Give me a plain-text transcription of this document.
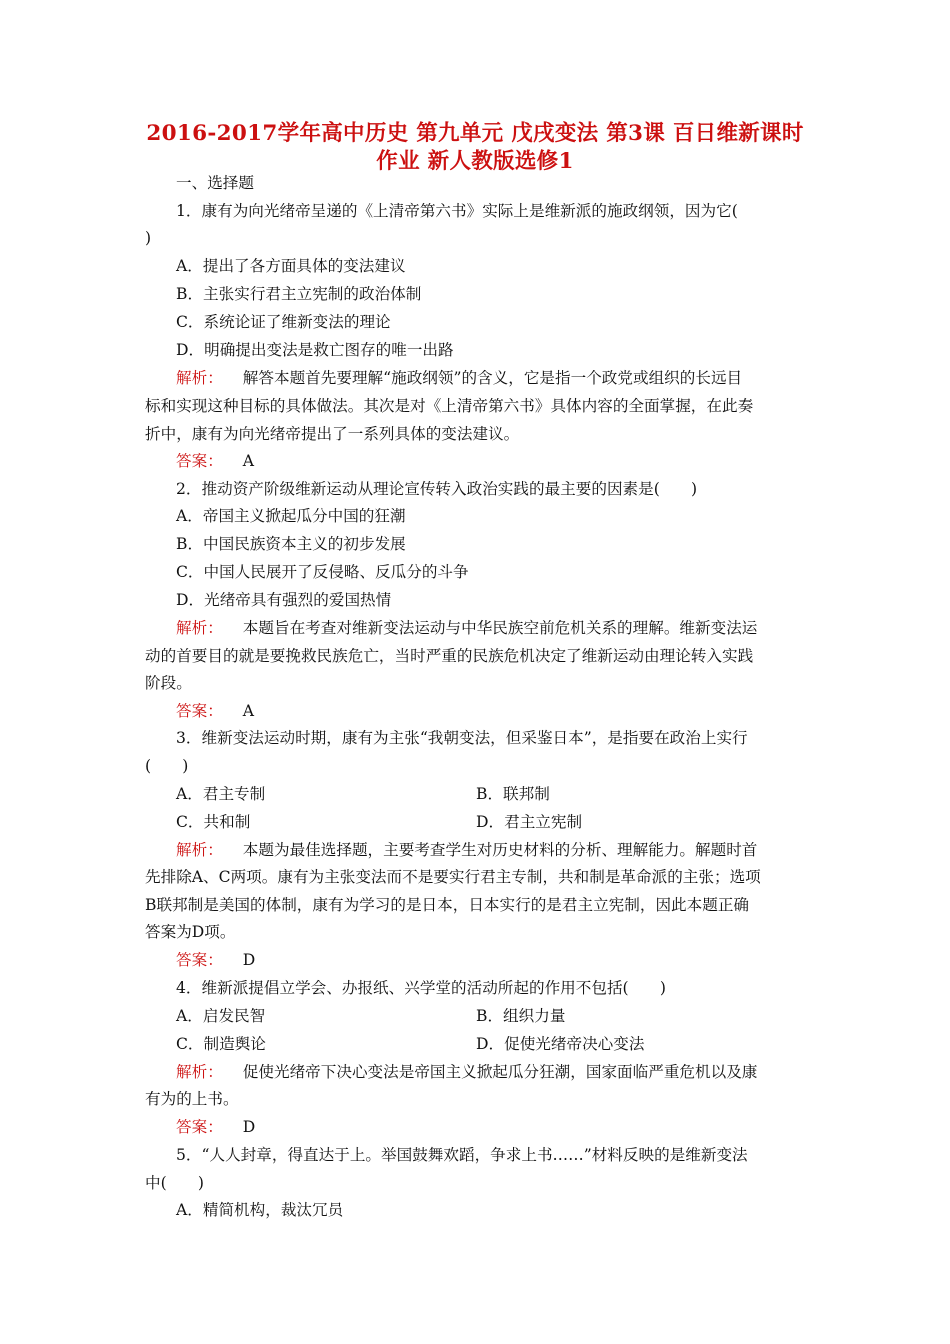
2016-2017学年高中历史 第九单元 戊戌变法 第3课 百日维新课时
作业 新人教版选修1
一、选择题
1．康有为向光绪帝呈递的《上清帝第六书》实际上是维新派的施政纲领，因为它(
)
A．提出了各方面具体的变法建议
B．主张实行君主立宪制的政治体制
C．系统论证了维新变法的理论
D．明确提出变法是救亡图存的唯一出路
解析： 解答本题首先要理解“施政纲领”的含义，它是指一个政党或组织的长远目
标和实现这种目标的具体做法。其次是对《上清帝第六书》具体内容的全面掌握，在此奏
折中，康有为向光绪帝提出了一系列具体的变法建议。
答案： A
2．推动资产阶级维新运动从理论宣传转入政治实践的最主要的因素是(　　)
A．帝国主义掀起瓜分中国的狂潮
B．中国民族资本主义的初步发展
C．中国人民展开了反侵略、反瓜分的斗争
D．光绪帝具有强烈的爱国热情
解析： 本题旨在考查对维新变法运动与中华民族空前危机关系的理解。维新变法运
动的首要目的就是要挽救民族危亡，当时严重的民族危机决定了维新运动由理论转入实践
阶段。
答案： A
3．维新变法运动时期，康有为主张“我朝变法，但采鉴日本”，是指要在政治上实行
(　　)
A．君主专制	B．联邦制
C．共和制	D．君主立宪制
解析： 本题为最佳选择题，主要考查学生对历史材料的分析、理解能力。解题时首
先排除A、C两项。康有为主张变法而不是要实行君主专制，共和制是革命派的主张；选项
B联邦制是美国的体制，康有为学习的是日本，日本实行的是君主立宪制，因此本题正确
答案为D项。
答案： D
4．维新派提倡立学会、办报纸、兴学堂的活动所起的作用不包括(　　)
A．启发民智	B．组织力量
C．制造舆论	D．促使光绪帝决心变法
解析： 促使光绪帝下决心变法是帝国主义掀起瓜分狂潮，国家面临严重危机以及康
有为的上书。
答案： D
5．“人人封章，得直达于上。举国鼓舞欢蹈，争求上书……”材料反映的是维新变法
中(　　)
A．精简机构，裁汰冗员
